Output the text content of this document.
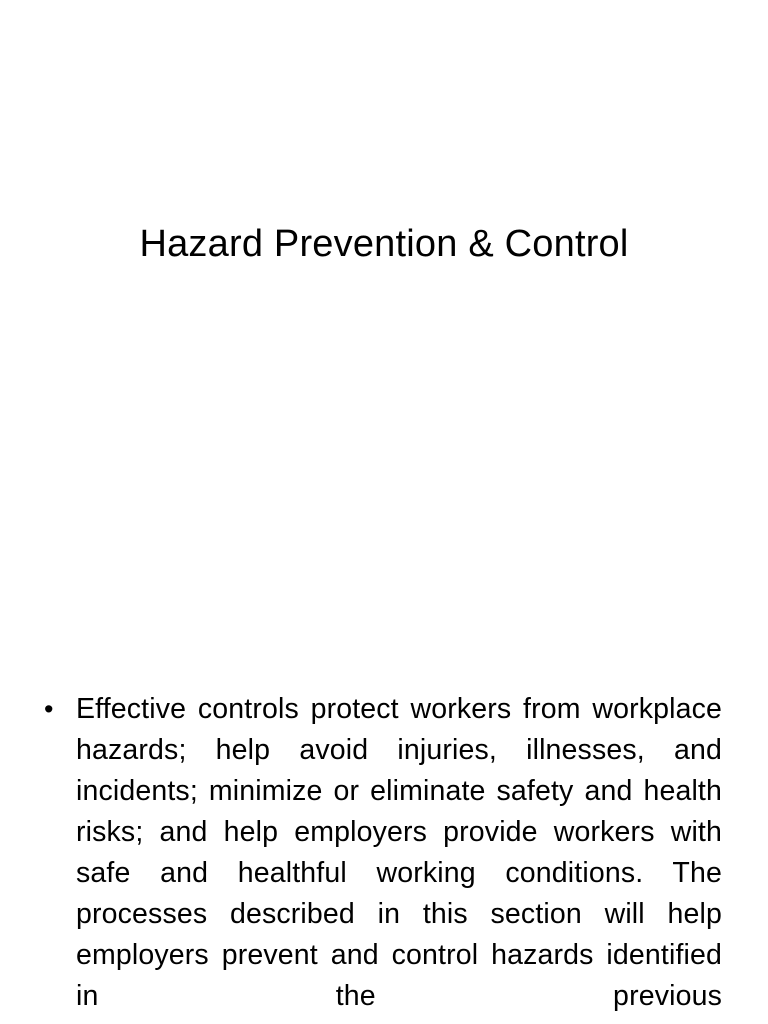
Hazard Prevention & Control
• Effective controls protect workers from workplace hazards; help avoid injuries, illnesses, and incidents; minimize or eliminate safety and health risks; and help employers provide workers with safe and healthful working conditions. The processes described in this section will help employers prevent and control hazards identified in the previous
